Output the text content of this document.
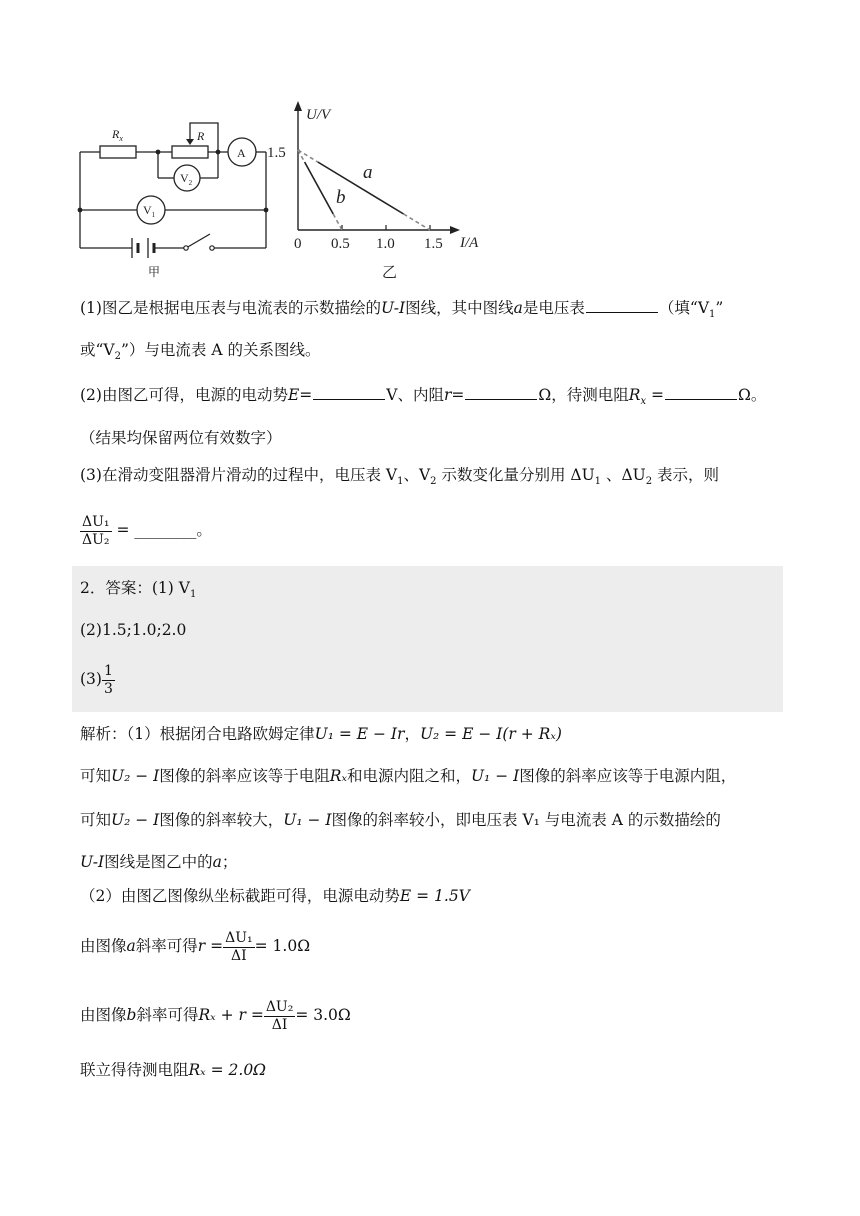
$R_x$	R
A
$V_2$
$V_1$
甲
U/V
I/A
1.5
0 0.5 1.0 1.5
a
b
乙
(1)图乙是根据电压表与电流表的示数描绘的U-I图线，其中图线a是电压表	（填“$V_1$”
或“$V_2$”）与电流表 A 的关系图线。
(2)由图乙可得，电源的电动势E=	V、内阻r=	Ω，待测电阻$R_x$ =	Ω。
（结果均保留两位有效数字）
(3)在滑动变阻器滑片滑动的过程中，电压表 $V_1$、$V_2$ 示数变化量分别用 $\Delta U_1$ 、$\Delta U_2$ 表示，则
$\frac{\text{ΔU₁}}{\text{ΔU₂}}$ = ________。
2．答案：(1) $V_1$
(2)1.5;1.0;2.0
$(3) \frac{1}{3}$
解析：（1）根据闭合电路欧姆定律U₁ = E − Ir，U₂ = E − I(r + Rₓ)
可知U₂ − I图像的斜率应该等于电阻Rₓ和电源内阻之和，U₁ − I图像的斜率应该等于电源内阻，
可知U₂ − I图像的斜率较大，U₁ − I图像的斜率较小，即电压表 V₁ 与电流表 A 的示数描绘的
U-I图线是图乙中的a；
（2）由图乙图像纵坐标截距可得，电源电动势E = 1.5V
由图像a斜率可得$r = \frac{\text{ΔU₁}}{\Delta I} = 1.0\Omega$
由图像b斜率可得$R_x + r = \frac{\text{ΔU₂}}{\Delta I} = 3.0\Omega$
联立得待测电阻Rₓ = 2.0Ω
